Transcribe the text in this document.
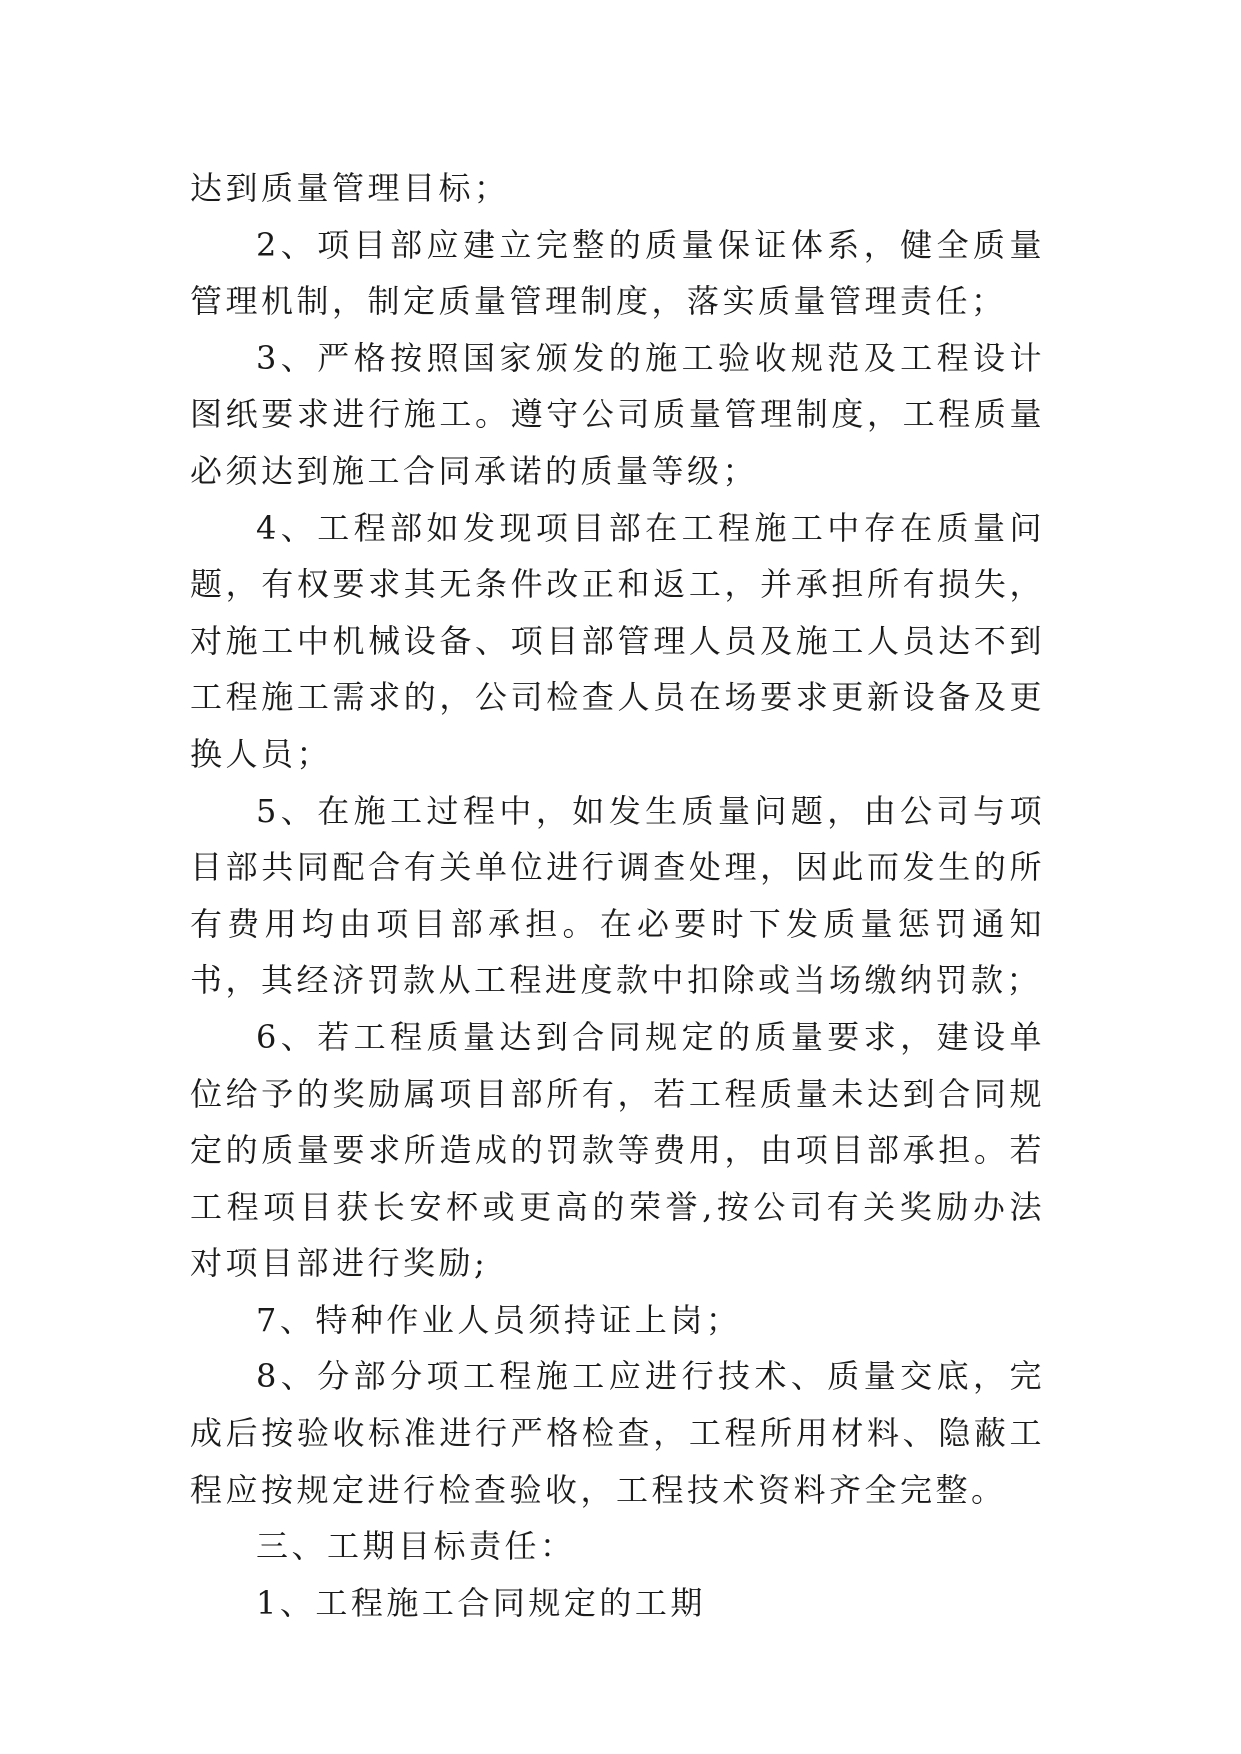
达到质量管理目标；

2、项目部应建立完整的质量保证体系，健全质量管理机制，制定质量管理制度，落实质量管理责任；

3、严格按照国家颁发的施工验收规范及工程设计图纸要求进行施工。遵守公司质量管理制度，工程质量必须达到施工合同承诺的质量等级；

4、工程部如发现项目部在工程施工中存在质量问题，有权要求其无条件改正和返工，并承担所有损失，对施工中机械设备、项目部管理人员及施工人员达不到工程施工需求的，公司检查人员在场要求更新设备及更换人员；

5、在施工过程中，如发生质量问题，由公司与项目部共同配合有关单位进行调查处理，因此而发生的所有费用均由项目部承担。在必要时下发质量惩罚通知书，其经济罚款从工程进度款中扣除或当场缴纳罚款；

6、若工程质量达到合同规定的质量要求，建设单位给予的奖励属项目部所有，若工程质量未达到合同规定的质量要求所造成的罚款等费用，由项目部承担。若工程项目获长安杯或更高的荣誉,按公司有关奖励办法对项目部进行奖励;

7、特种作业人员须持证上岗；

8、分部分项工程施工应进行技术、质量交底，完成后按验收标准进行严格检查，工程所用材料、隐蔽工程应按规定进行检查验收，工程技术资料齐全完整。

三、工期目标责任：

1、工程施工合同规定的工期
